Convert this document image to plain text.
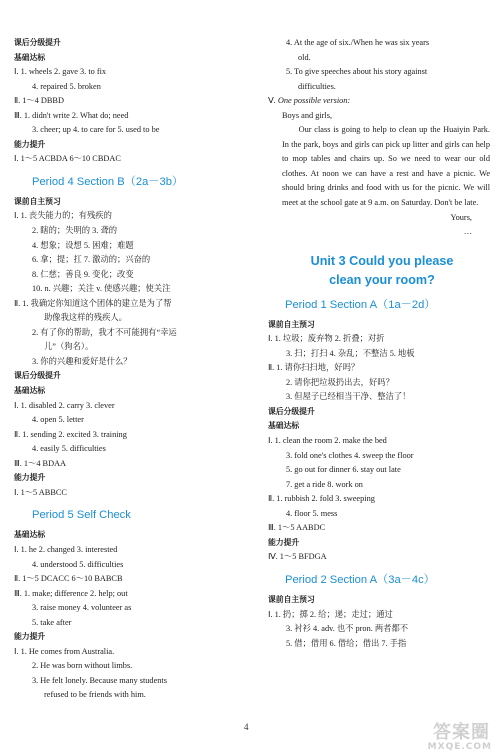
课后分级提升
基础达标
Ⅰ. 1. wheels 2. gave 3. to fix
4. repaired 5. broken
Ⅱ. 1～4 DBBD
Ⅲ. 1. didn't write 2. What do; need
3. cheer; up 4. to care for 5. used to be
能力提升
Ⅰ. 1～5 ACBDA 6～10 CBDAC
Period 4 Section B（2a－3b）
课前自主预习
Ⅰ. 1. 丧失能力的；有残疾的
2. 瞎的；失明的 3. 聋的
4. 想象；设想 5. 困难；难题
6. 拿；提；扛 7. 激动的；兴奋的
8. 仁慈；善良 9. 变化；改变
10. n. 兴趣；关注 v. 使感兴趣；使关注
Ⅱ. 1. 我确定你知道这个团体的建立是为了帮
助像我这样的残疾人。
2. 有了你的帮助，我才不可能拥有“幸运
儿”（狗名）。
3. 你的兴趣和爱好是什么？
课后分级提升
基础达标
Ⅰ. 1. disabled 2. carry 3. clever
4. open 5. letter
Ⅱ. 1. sending 2. excited 3. training
4. easily 5. difficulties
Ⅲ. 1～4 BDAA
能力提升
Ⅰ. 1～5 ABBCC
Period 5 Self Check
基础达标
Ⅰ. 1. he 2. changed 3. interested
4. understood 5. difficulties
Ⅱ. 1～5 DCACC 6～10 BABCB
Ⅲ. 1. make; difference 2. help; out
3. raise money 4. volunteer as
5. take after
能力提升
Ⅰ. 1. He comes from Australia.
2. He was born without limbs.
3. He felt lonely. Because many students
refused to be friends with him.
4. At the age of six./When he was six years
old.
5. To give speeches about his story against
difficulties.
Ⅴ. One possible version:
Boys and girls,
  Our class is going to help to clean up the Huaiyin Park. In the park, boys and girls can pick up litter and girls can help to mop tables and chairs up. So we need to wear our old clothes. At noon we can have a rest and have a picnic. We should bring drinks and food with us for the picnic. We will meet at the school gate at 9 a.m. on Saturday. Don't be late.
Yours,
…
Unit 3 Could you please
clean your room?
Period 1 Section A（1a－2d）
课前自主预习
Ⅰ. 1. 垃圾；废弃物 2. 折叠；对折
3. 扫；打扫 4. 杂乱；不整洁 5. 地板
Ⅱ. 1. 请你扫扫地，好吗？
2. 请你把垃圾扔出去，好吗？
3. 但屋子已经相当干净、整洁了！
课后分级提升
基础达标
Ⅰ. 1. clean the room 2. make the bed
3. fold one's clothes 4. sweep the floor
5. go out for dinner 6. stay out late
7. get a ride 8. work on
Ⅱ. 1. rubbish 2. fold 3. sweeping
4. floor 5. mess
Ⅲ. 1～5 AABDC
能力提升
Ⅳ. 1～5 BFDGA
Period 2 Section A（3a－4c）
课前自主预习
Ⅰ. 1. 扔；掷 2. 给；递；走过；通过
3. 衬衫 4. adv. 也不 pron. 两者都不
5. 借；借用 6. 借给；借出 7. 手指
4	答案圈
MXQE.COM
